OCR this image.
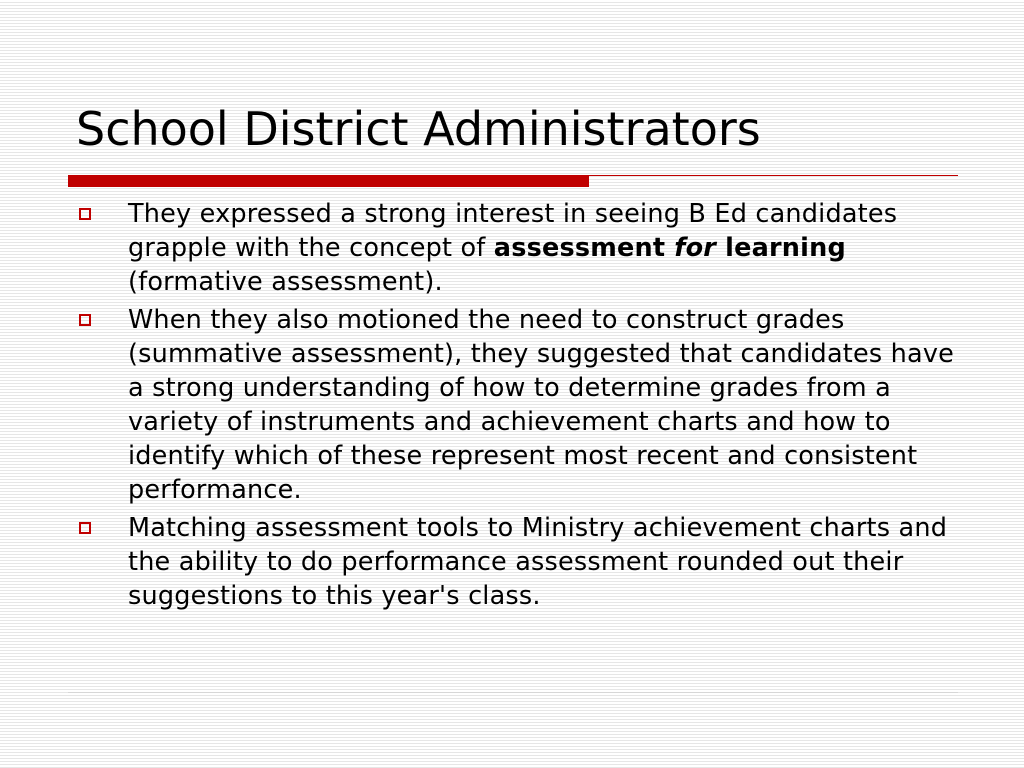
School District Administrators
They expressed a strong interest in seeing B Ed candidates grapple with the concept of assessment for learning (formative assessment).
When they also motioned the need to construct grades (summative assessment), they suggested that candidates have a strong understanding of how to determine grades from a variety of instruments and achievement charts and how to identify which of these represent most recent and consistent performance.
Matching assessment tools to Ministry achievement charts and the ability to do performance assessment rounded out their suggestions to this year's class.
